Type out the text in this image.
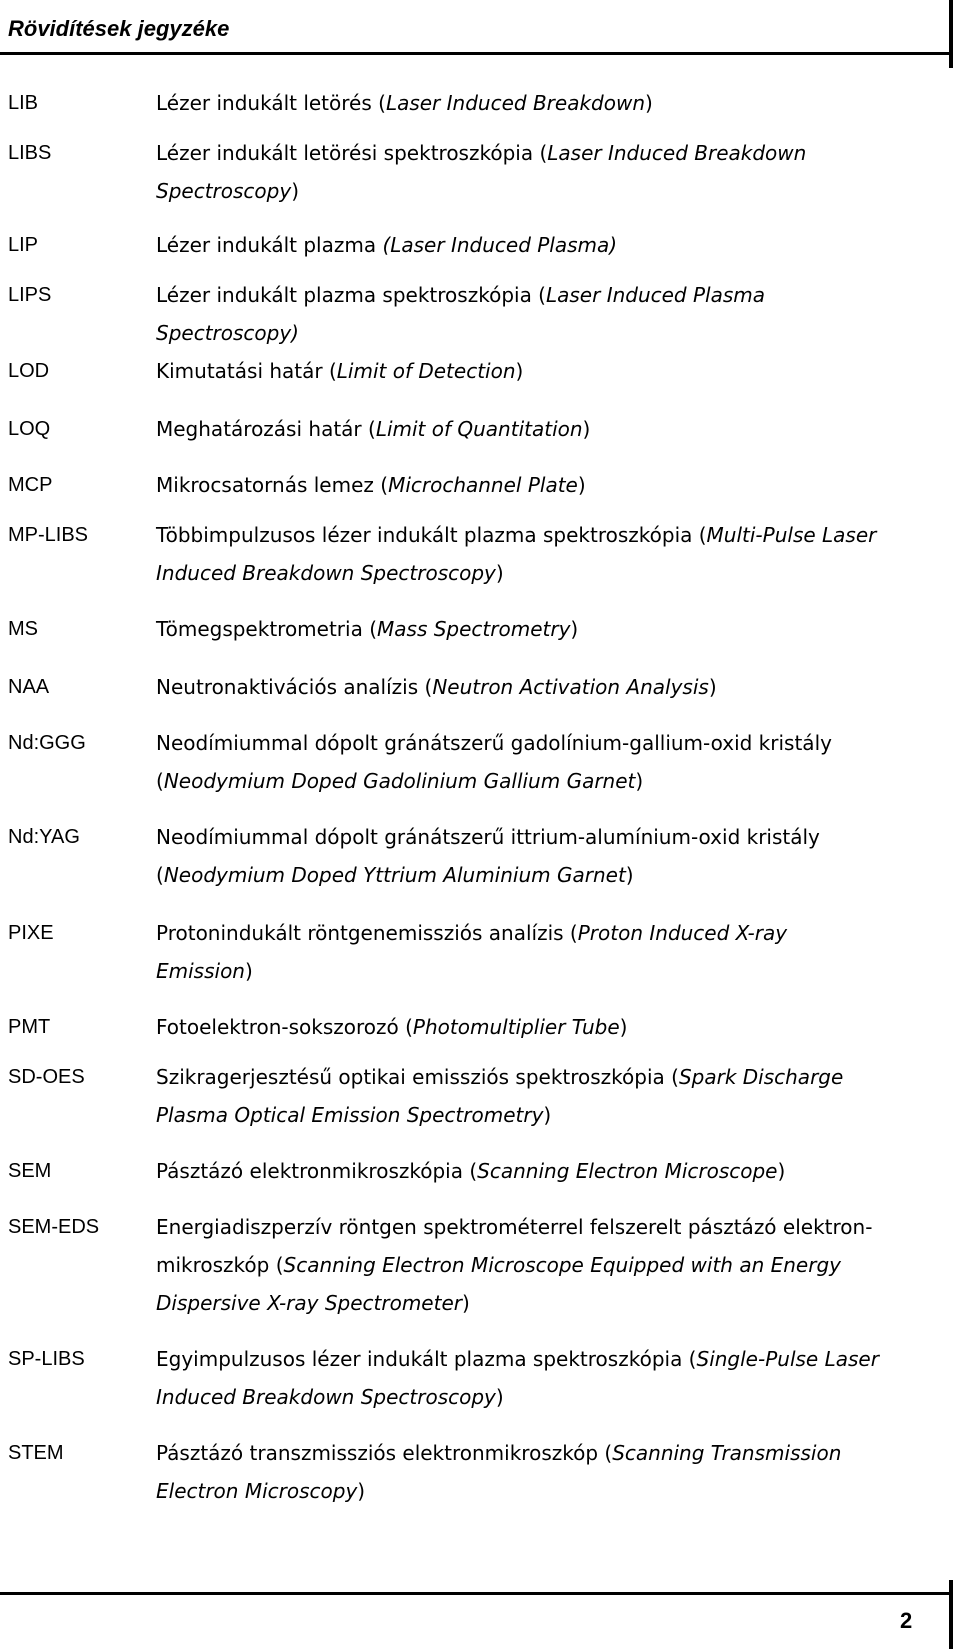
Rövidítések jegyzéke
LIB	Lézer indukált letörés (Laser Induced Breakdown)
LIBS	Lézer indukált letörési spektroszkópia (Laser Induced Breakdown
Spectroscopy)
LIP	Lézer indukált plazma (Laser Induced Plasma)
LIPS	Lézer indukált plazma spektroszkópia (Laser Induced Plasma
Spectroscopy)
LOD	Kimutatási határ (Limit of Detection)
LOQ	Meghatározási határ (Limit of Quantitation)
MCP	Mikrocsatornás lemez (Microchannel Plate)
MP-LIBS	Többimpulzusos lézer indukált plazma spektroszkópia (Multi-Pulse Laser
Induced Breakdown Spectroscopy)
MS	Tömegspektrometria (Mass Spectrometry)
NAA	Neutronaktivációs analízis (Neutron Activation Analysis)
Nd:GGG	Neodímiummal dópolt gránátszerű gadolínium-gallium-oxid kristály
(Neodymium Doped Gadolinium Gallium Garnet)
Nd:YAG	Neodímiummal dópolt gránátszerű ittrium-alumínium-oxid kristály
(Neodymium Doped Yttrium Aluminium Garnet)
PIXE	Protonindukált röntgenemissziós analízis (Proton Induced X-ray
Emission)
PMT	Fotoelektron-sokszorozó (Photomultiplier Tube)
SD-OES	Szikragerjesztésű optikai emissziós spektroszkópia (Spark Discharge
Plasma Optical Emission Spectrometry)
SEM	Pásztázó elektronmikroszkópia (Scanning Electron Microscope)
SEM-EDS	Energiadiszperzív röntgen spektrométerrel felszerelt pásztázó elektron-
mikroszkóp (Scanning Electron Microscope Equipped with an Energy
Dispersive X-ray Spectrometer)
SP-LIBS	Egyimpulzusos lézer indukált plazma spektroszkópia (Single-Pulse Laser
Induced Breakdown Spectroscopy)
STEM	Pásztázó transzmissziós elektronmikroszkóp (Scanning Transmission
Electron Microscopy)
2
